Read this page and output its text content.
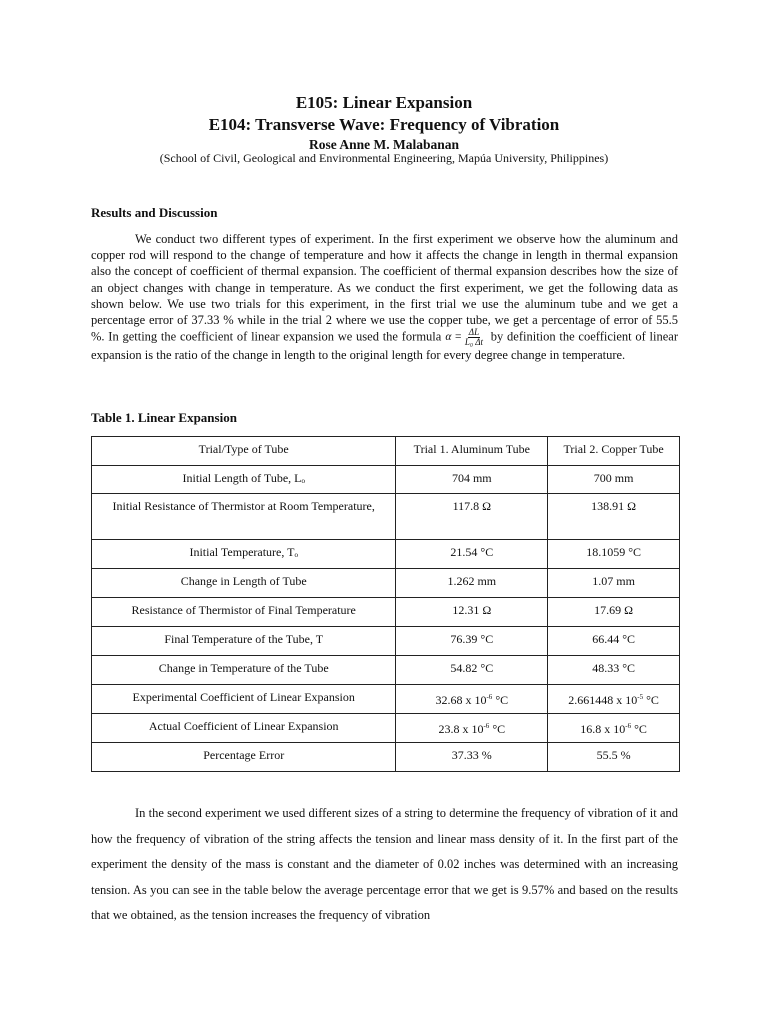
E105: Linear Expansion
E104: Transverse Wave: Frequency of Vibration
Rose Anne M. Malabanan
(School of Civil, Geological and Environmental Engineering, Mapúa University, Philippines)
Results and Discussion
We conduct two different types of experiment. In the first experiment we observe how the aluminum and copper rod will respond to the change of temperature and how it affects the change in length in thermal expansion also the concept of coefficient of thermal expansion. The coefficient of thermal expansion describes how the size of an object changes with change in temperature. As we conduct the first experiment, we get the following data as shown below. We use two trials for this experiment, in the first trial we use the aluminum tube and we get a percentage error of 37.33 % while in the trial 2 where we use the copper tube, we get a percentage of error of 55.5 %. In getting the coefficient of linear expansion we used the formula $\alpha = \frac{\Delta L}{\text{L₀ Δt}}$ by definition the coefficient of linear expansion is the ratio of the change in length to the original length for every degree change in temperature.
Table 1. Linear Expansion
Trial/Type of Tube	Trial 1. Aluminum Tube	Trial 2. Copper Tube
Initial Length of Tube, Lₒ	704 mm	700 mm
Initial Resistance of Thermistor at Room Temperature,	117.8 Ω	138.91 Ω
Initial Temperature, Tₒ	21.54 °C	18.1059 °C
Change in Length of Tube	1.262 mm	1.07 mm
Resistance of Thermistor of Final Temperature	12.31 Ω	17.69 Ω
Final Temperature of the Tube, T	76.39 °C	66.44 °C
Change in Temperature of the Tube	54.82 °C	48.33 °C
Experimental Coefficient of Linear Expansion	32.68 x $10^{-6}$ °C	2.661448 x $10^{-5}$ °C
Actual Coefficient of Linear Expansion	23.8 x $10^{-6}$ °C	16.8 x $10^{-6}$ °C
Percentage Error	37.33 %	55.5 %
In the second experiment we used different sizes of a string to determine the frequency of vibration of it and how the frequency of vibration of the string affects the tension and linear mass density of it. In the first part of the experiment the density of the mass is constant and the diameter of 0.02 inches was determined with an increasing tension. As you can see in the table below the average percentage error that we get is 9.57% and based on the results that we obtained, as the tension increases the frequency of vibration
